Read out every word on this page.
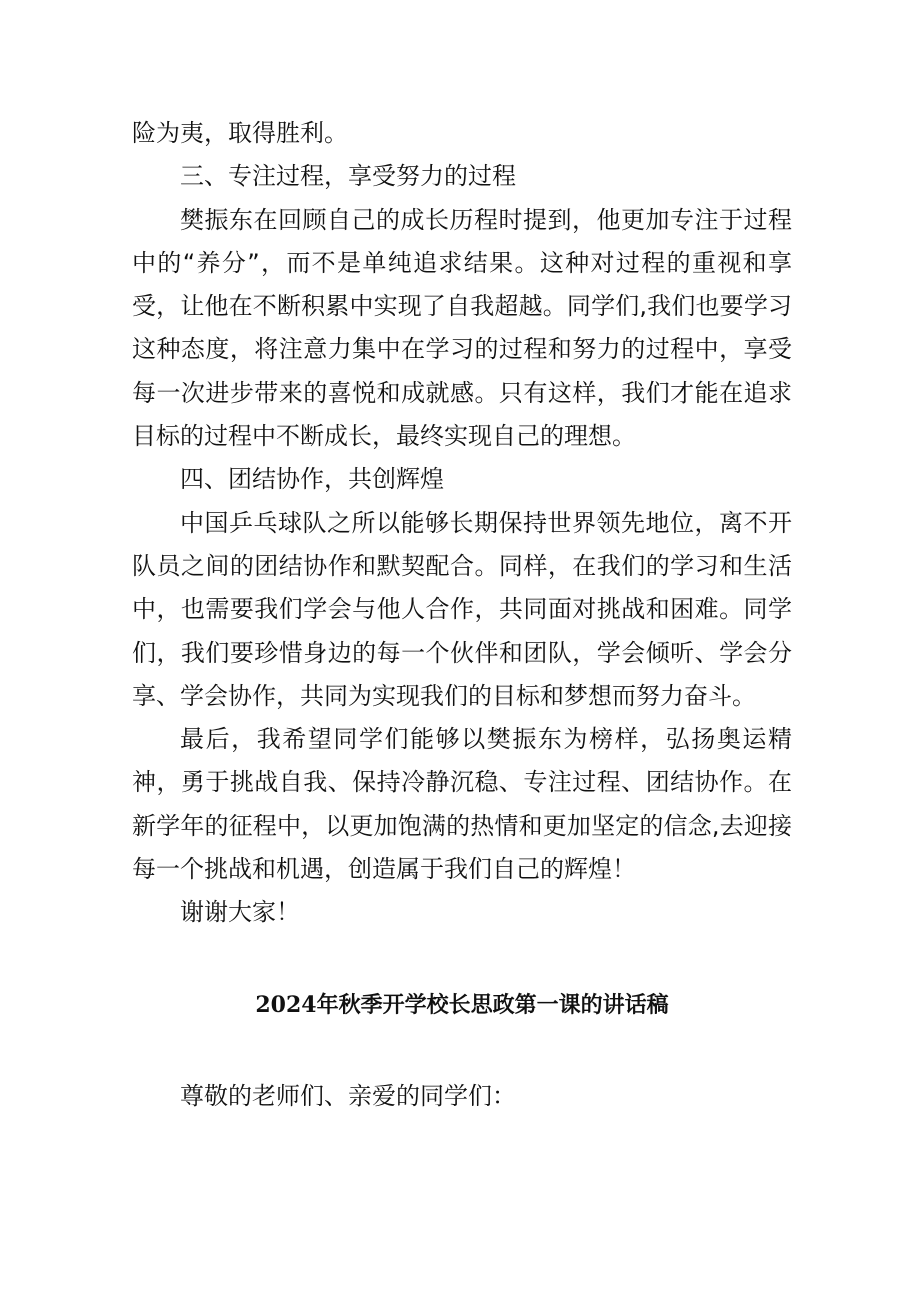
险为夷，取得胜利。

三、专注过程，享受努力的过程

樊振东在回顾自己的成长历程时提到，他更加专注于过程中的“养分”，而不是单纯追求结果。这种对过程的重视和享受，让他在不断积累中实现了自我超越。同学们,我们也要学习这种态度，将注意力集中在学习的过程和努力的过程中，享受每一次进步带来的喜悦和成就感。只有这样，我们才能在追求目标的过程中不断成长，最终实现自己的理想。

四、团结协作，共创辉煌

中国乒乓球队之所以能够长期保持世界领先地位，离不开队员之间的团结协作和默契配合。同样，在我们的学习和生活中，也需要我们学会与他人合作，共同面对挑战和困难。同学们，我们要珍惜身边的每一个伙伴和团队，学会倾听、学会分享、学会协作，共同为实现我们的目标和梦想而努力奋斗。

最后，我希望同学们能够以樊振东为榜样，弘扬奥运精神，勇于挑战自我、保持冷静沉稳、专注过程、团结协作。在新学年的征程中，以更加饱满的热情和更加坚定的信念,去迎接每一个挑战和机遇，创造属于我们自己的辉煌！

谢谢大家！

2024年秋季开学校长思政第一课的讲话稿
尊敬的老师们、亲爱的同学们：
